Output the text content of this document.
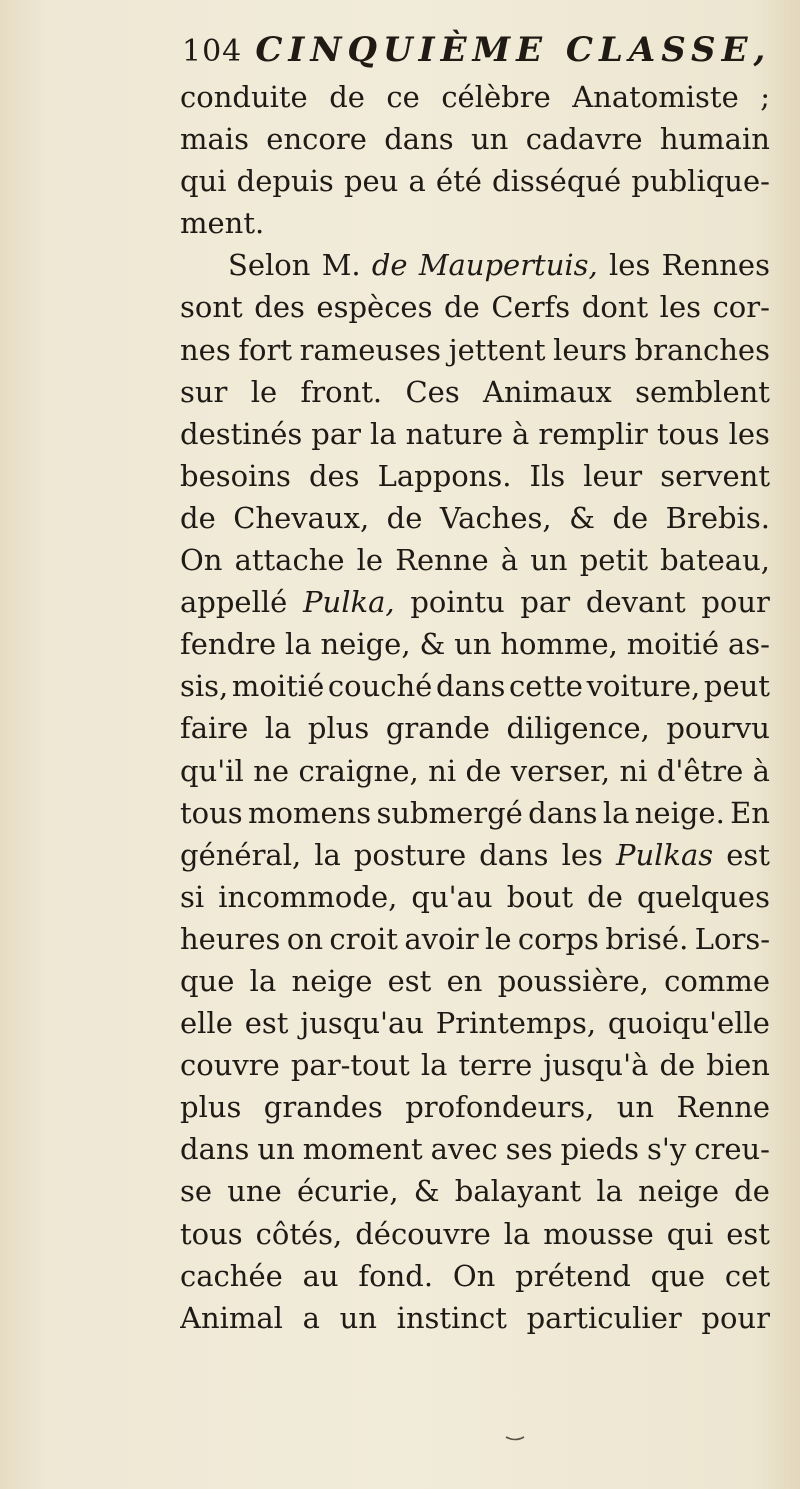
104 CINQUIÈME CLASSE,
conduite de ce célèbre Anatomiste ;
mais encore dans un cadavre humain
qui depuis peu a été disséqué publique-
ment.
Selon M. de Maupertuis, les Rennes
sont des espèces de Cerfs dont les cor-
nes fort rameuses jettent leurs branches
sur le front. Ces Animaux semblent
destinés par la nature à remplir tous les
besoins des Lappons. Ils leur servent
de Chevaux, de Vaches, & de Brebis.
On attache le Renne à un petit bateau,
appellé Pulka, pointu par devant pour
fendre la neige, & un homme, moitié as-
sis, moitié couché dans cette voiture, peut
faire la plus grande diligence, pourvu
qu'il ne craigne, ni de verser, ni d'être à
tous momens submergé dans la neige. En
général, la posture dans les Pulkas est
si incommode, qu'au bout de quelques
heures on croit avoir le corps brisé. Lors-
que la neige est en poussière, comme
elle est jusqu'au Printemps, quoiqu'elle
couvre par-tout la terre jusqu'à de bien
plus grandes profondeurs, un Renne
dans un moment avec ses pieds s'y creu-
se une écurie, & balayant la neige de
tous côtés, découvre la mousse qui est
cachée au fond. On prétend que cet
Animal a un instinct particulier pour
